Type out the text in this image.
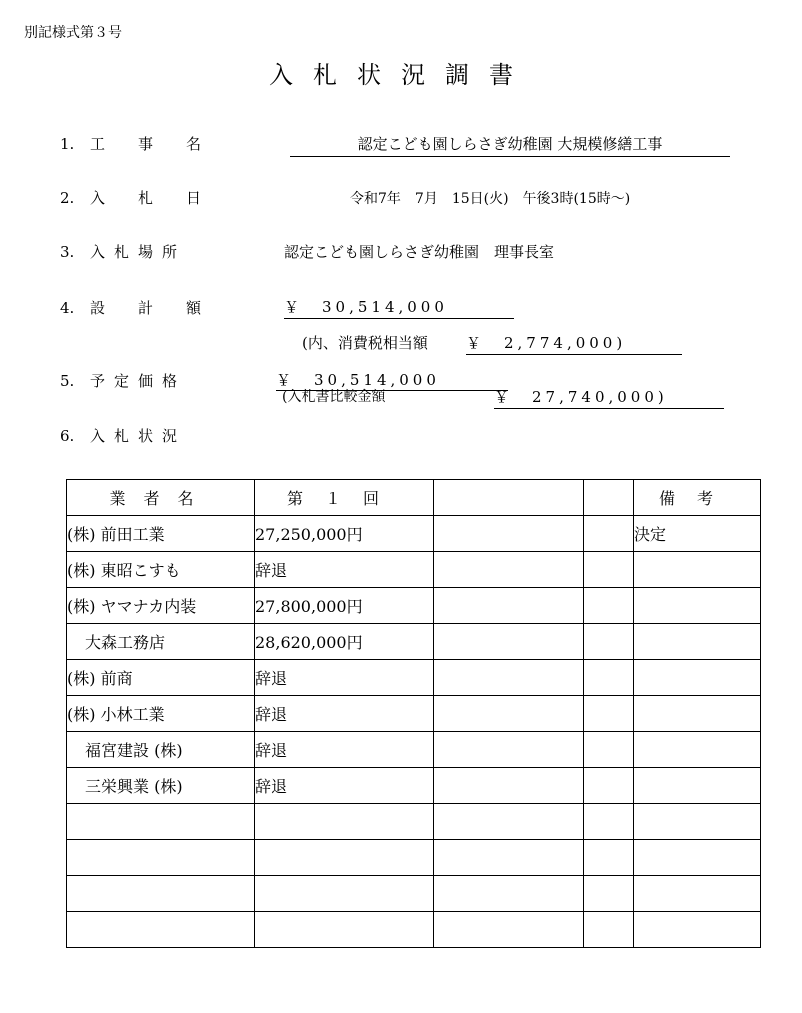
別記様式第３号
入札状況調書
1. 工　事　名	認定こども園しらさぎ幼稚園 大規模修繕工事
2. 入　札　日	令和7年　7月　15日(火)　午後3時(15時～)
3. 入札場所	認定こども園しらさぎ幼稚園　理事長室
4. 設　計　額	￥　30,514,000
(内、消費税相当額	￥　2,774,000)
5. 予定価格	￥　30,514,000
(入札書比較金額	￥　27,740,000)
6. 入札状況
業者名	第１回			備考
(株) 前田工業	27,250,000円			決定
(株) 東昭こすも	辞退			
(株) ヤマナカ内装	27,800,000円			
大森工務店	28,620,000円			
(株) 前商	辞退			
(株) 小林工業	辞退			
福宮建設 (株)	辞退			
三栄興業 (株)	辞退			
